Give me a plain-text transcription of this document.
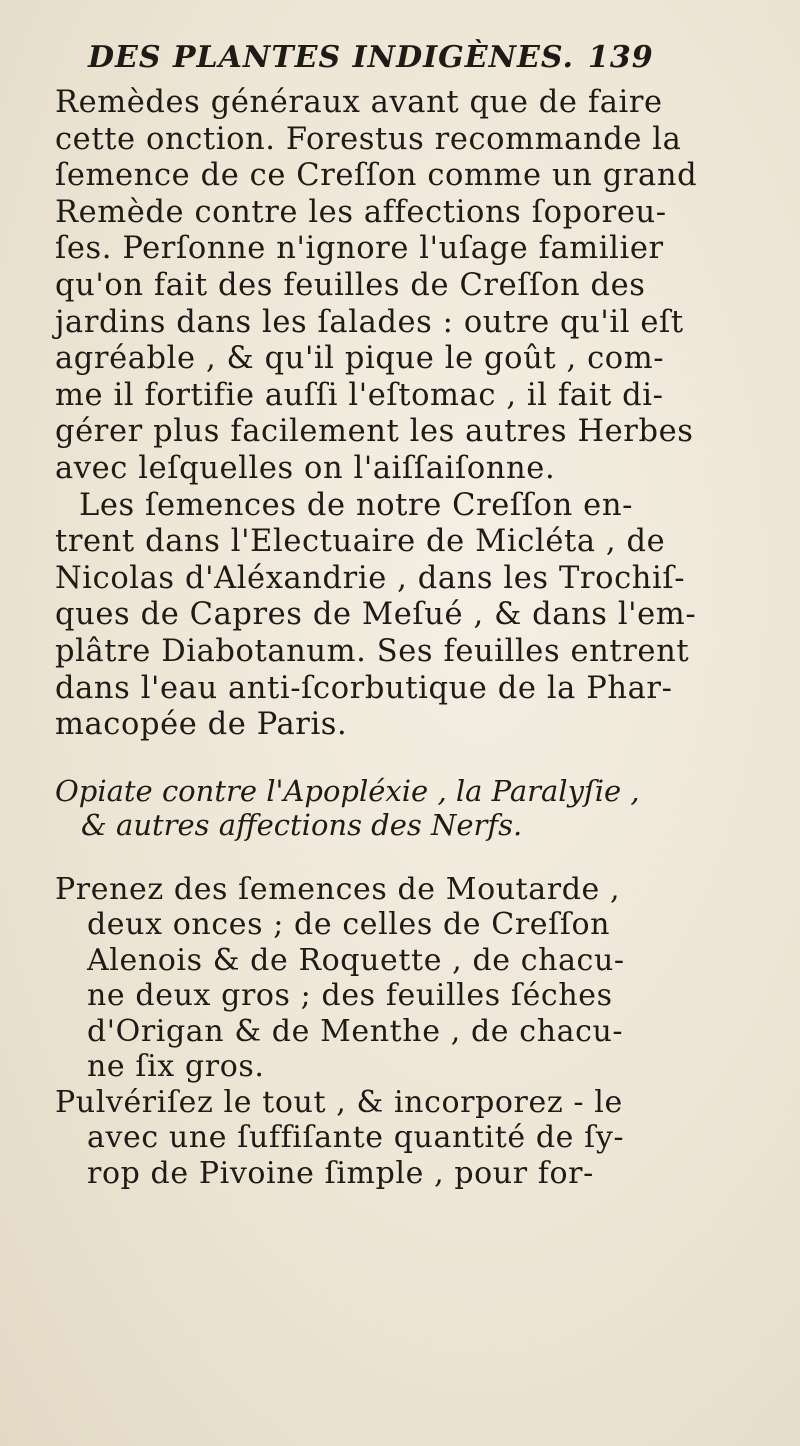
DES PLANTES INDIGÈNES. 139
Remèdes généraux avant que de faire
cette onction. Forestus recommande la
ſemence de ce Creſſon comme un grand
Remède contre les affections ſoporeu-
ſes. Perſonne n'ignore l'uſage familier
qu'on fait des feuilles de Creſſon des
jardins dans les ſalades : outre qu'il eſt
agréable , & qu'il pique le goût , com-
me il fortifie auſſi l'eſtomac , il fait di-
gérer plus facilement les autres Herbes
avec leſquelles on l'aiſſaiſonne.
Les ſemences de notre Creſſon en-
trent dans l'Electuaire de Micléta , de
Nicolas d'Aléxandrie , dans les Trochiſ-
ques de Capres de Meſué , & dans l'em-
plâtre Diabotanum. Ses feuilles entrent
dans l'eau anti-ſcorbutique de la Phar-
macopée de Paris.
Opiate contre l'Apopléxie , la Paralyſie ,
& autres affections des Nerfs.
Prenez des ſemences de Moutarde ,
deux onces ; de celles de Creſſon
Alenois & de Roquette , de chacu-
ne deux gros ; des feuilles ſéches
d'Origan & de Menthe , de chacu-
ne ſix gros.
Pulvériſez le tout , & incorporez - le
avec une ſuffiſante quantité de ſy-
rop de Pivoine ſimple , pour for-
